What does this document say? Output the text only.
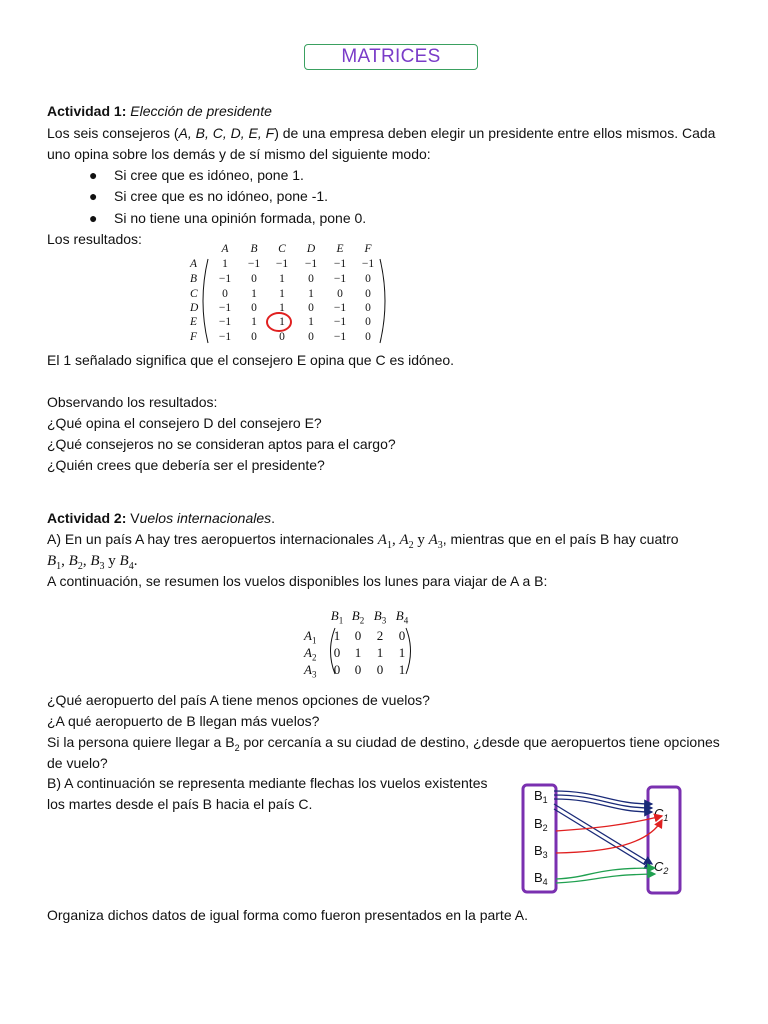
MATRICES
Actividad 1: Elección de presidente
Los seis consejeros (A, B, C, D, E, F) de una empresa deben elegir un presidente entre ellos mismos. Cada
uno opina sobre los demás y de sí mismo del siguiente modo:
● Si cree que es idóneo, pone 1.
● Si cree que es no idóneo, pone -1.
● Si no tiene una opinión formada, pone 0.
Los resultados:
A	B	C	D	E	F
A	1	−1	−1	−1	−1	−1
B	−1	0	1	0	−1	0
C	0	1	1	1	0	0
D	−1	0	1	0	−1	0
E	−1	1	1	1	−1	0
F	−1	0	0	0	−1	0
El 1 señalado significa que el consejero E opina que C es idóneo.
Observando los resultados:
¿Qué opina el consejero D del consejero E?
¿Qué consejeros no se consideran aptos para el cargo?
¿Quién crees que debería ser el presidente?
Actividad 2: Vuelos internacionales.
A) En un país A hay tres aeropuertos internacionales $A_1$, $A_2$ y $A_3$, mientras que en el país B hay cuatro
$B_1$, $B_2$, $B_3$ y $B_4$.
A continuación, se resumen los vuelos disponibles los lunes para viajar de A a B:
$B_1$ $B_2$ $B_3$ $B_4$
$A_1$	1	0	2	0
$A_2$	0	1	1	1
$A_3$	0	0	0	1
¿Qué aeropuerto del país A tiene menos opciones de vuelos?
¿A qué aeropuerto de B llegan más vuelos?
Si la persona quiere llegar a $B_2$ por cercanía a su ciudad de destino, ¿desde que aeropuertos tiene opciones
de vuelo?
B) A continuación se representa mediante flechas los vuelos existentes
los martes desde el país B hacia el país C.
$B_1$
$B_2$
$B_3$
$B_4$
$C_1$
$C_2$
Organiza dichos datos de igual forma como fueron presentados en la parte A.
